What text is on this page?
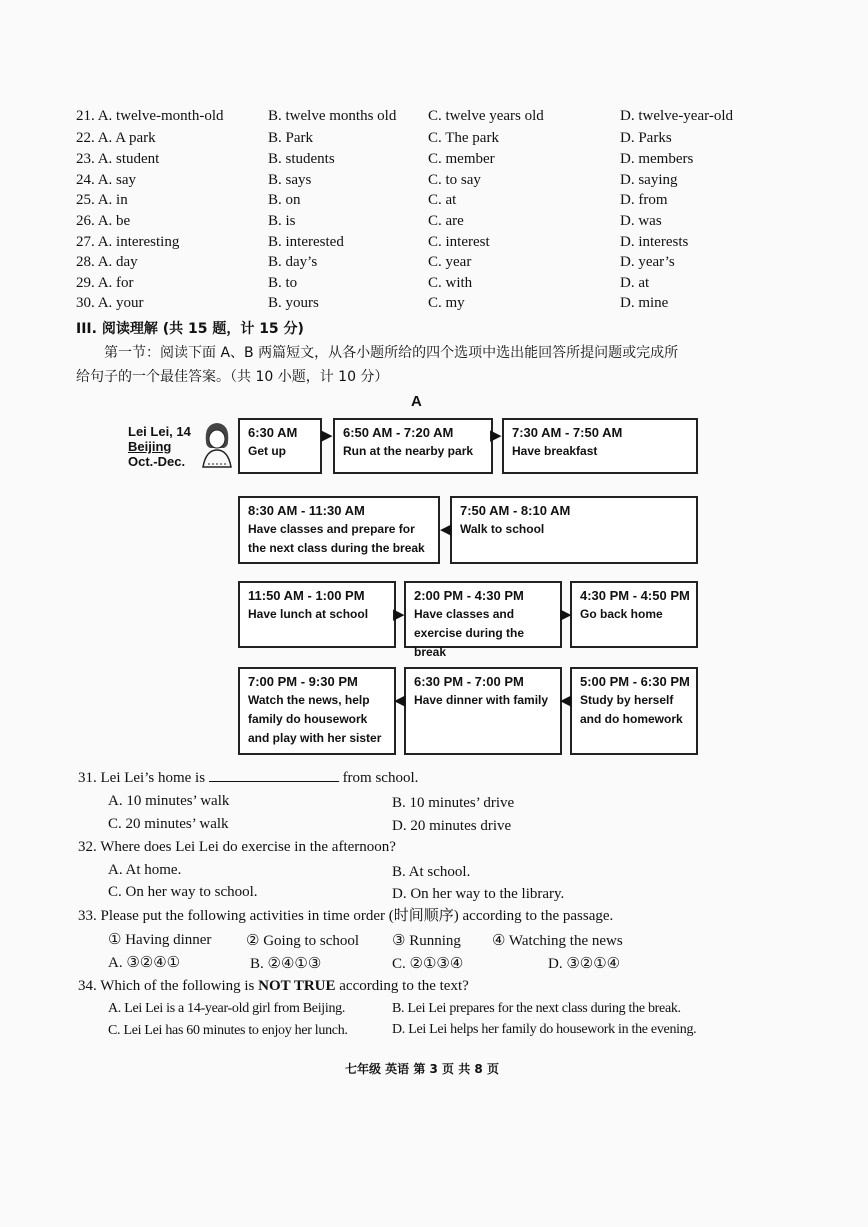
21. A. twelve-month-old	B. twelve months old C. twelve years old	D. twelve-year-old
22. A. A park	B. Park	C. The park	D. Parks
23. A. student	B. students	C. member	D. members
24. A. say	B. says	C. to say	D. saying
25. A. in	B. on	C. at	D. from
26. A. be	B. is	C. are	D. was
27. A. interesting	B. interested	C. interest	D. interests
28. A. day	B. day’s	C. year	D. year’s
29. A. for	B. to	C. with	D. at
30. A. your	B. yours	C. my	D. mine
III. 阅读理解 (共 15 题，计 15 分)
第一节：阅读下面 A、B 两篇短文，从各小题所给的四个选项中选出能回答所提问题或完成所
给句子的一个最佳答案。（共 10 小题，计 10 分）
A
Lei Lei, 14
Beijing
Oct.-Dec.
6:30 AM
Get up
6:50 AM - 7:20 AM
Run at the nearby park
7:30 AM - 7:50 AM
Have breakfast
7:50 AM - 8:10 AM
Walk to school
8:30 AM - 11:30 AM
Have classes and prepare for the next class during the break
11:50 AM - 1:00 PM
Have lunch at school
2:00 PM - 4:30 PM
Have classes and exercise during the break
4:30 PM - 4:50 PM
Go back home
5:00 PM - 6:30 PM
Study by herself and do homework
6:30 PM - 7:00 PM
Have dinner with family
7:00 PM - 9:30 PM
Watch the news, help family do housework and play with her sister
▶	▶
◀
▶	▶
◀
◀
31. Lei Lei’s home is	from school.
A. 10 minutes’ walk	B. 10 minutes’ drive
C. 20 minutes’ walk	D. 20 minutes drive
32. Where does Lei Lei do exercise in the afternoon?
A. At home.	B. At school.
C. On her way to school.	D. On her way to the library.
33. Please put the following activities in time order (时间顺序) according to the passage.
① Having dinner ② Going to school ③ Running ④ Watching the news
A. ③②④①	B. ②④①③	C. ②①③④	D. ③②①④
34. Which of the following is NOT TRUE according to the text?
A. Lei Lei is a 14-year-old girl from Beijing.	B. Lei Lei prepares for the next class during the break.
C. Lei Lei has 60 minutes to enjoy her lunch.	D. Lei Lei helps her family do housework in the evening.
七年级 英语 第 3 页 共 8 页
